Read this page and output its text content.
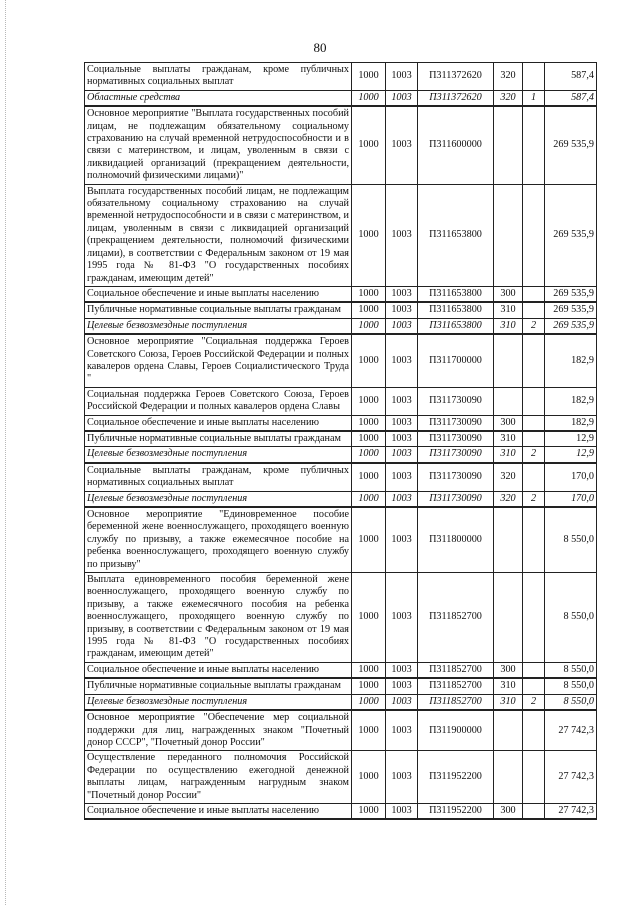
80
Социальные выплаты гражданам, кроме публичных нормативных социальных выплат	1000	1003	П311372620	320		587,4
Областные средства	1000	1003	П311372620	320	1	587,4
Основное мероприятие "Выплата государственных пособий лицам, не подлежащим обязательному социальному страхованию на случай временной нетрудоспособности и в связи с материнством, и лицам, уволенным в связи с ликвидацией организаций (прекращением деятельности, полномочий физическими лицами)"	1000	1003	П311600000			269 535,9
Выплата государственных пособий лицам, не подлежащим обязательному социальному страхованию на случай временной нетрудоспособности и в связи с материнством, и лицам, уволенным в связи с ликвидацией организаций (прекращением деятельности, полномочий физическими лицами), в соответствии с Федеральным законом от 19 мая 1995 года № 81-ФЗ "О государственных пособиях гражданам, имеющим детей"	1000	1003	П311653800			269 535,9
Социальное обеспечение и иные выплаты населению	1000	1003	П311653800	300		269 535,9
Публичные нормативные социальные выплаты гражданам	1000	1003	П311653800	310		269 535,9
Целевые безвозмездные поступления	1000	1003	П311653800	310	2	269 535,9
Основное мероприятие "Социальная поддержка Героев Советского Союза, Героев Российской Федерации и полных кавалеров ордена Славы, Героев Социалистического Труда "	1000	1003	П311700000			182,9
Социальная поддержка Героев Советского Союза, Героев Российской Федерации и полных кавалеров ордена Славы	1000	1003	П311730090			182,9
Социальное обеспечение и иные выплаты населению	1000	1003	П311730090	300		182,9
Публичные нормативные социальные выплаты гражданам	1000	1003	П311730090	310		12,9
Целевые безвозмездные поступления	1000	1003	П311730090	310	2	12,9
Социальные выплаты гражданам, кроме публичных нормативных социальных выплат	1000	1003	П311730090	320		170,0
Целевые безвозмездные поступления	1000	1003	П311730090	320	2	170,0
Основное мероприятие "Единовременное пособие беременной жене военнослужащего, проходящего военную службу по призыву, а также ежемесячное пособие на ребенка военнослужащего, проходящего военную службу по призыву"	1000	1003	П311800000			8 550,0
Выплата единовременного пособия беременной жене военнослужащего, проходящего военную службу по призыву, а также ежемесячного пособия на ребенка военнослужащего, проходящего военную службу по призыву, в соответствии с Федеральным законом от 19 мая 1995 года № 81-ФЗ "О государственных пособиях гражданам, имеющим детей"	1000	1003	П311852700			8 550,0
Социальное обеспечение и иные выплаты населению	1000	1003	П311852700	300		8 550,0
Публичные нормативные социальные выплаты гражданам	1000	1003	П311852700	310		8 550,0
Целевые безвозмездные поступления	1000	1003	П311852700	310	2	8 550,0
Основное мероприятие "Обеспечение мер социальной поддержки для лиц, награжденных знаком "Почетный донор СССР", "Почетный донор России"	1000	1003	П311900000			27 742,3
Осуществление переданного полномочия Российской Федерации по осуществлению ежегодной денежной выплаты лицам, награжденным нагрудным знаком "Почетный донор России"	1000	1003	П311952200			27 742,3
Социальное обеспечение и иные выплаты населению	1000	1003	П311952200	300		27 742,3
